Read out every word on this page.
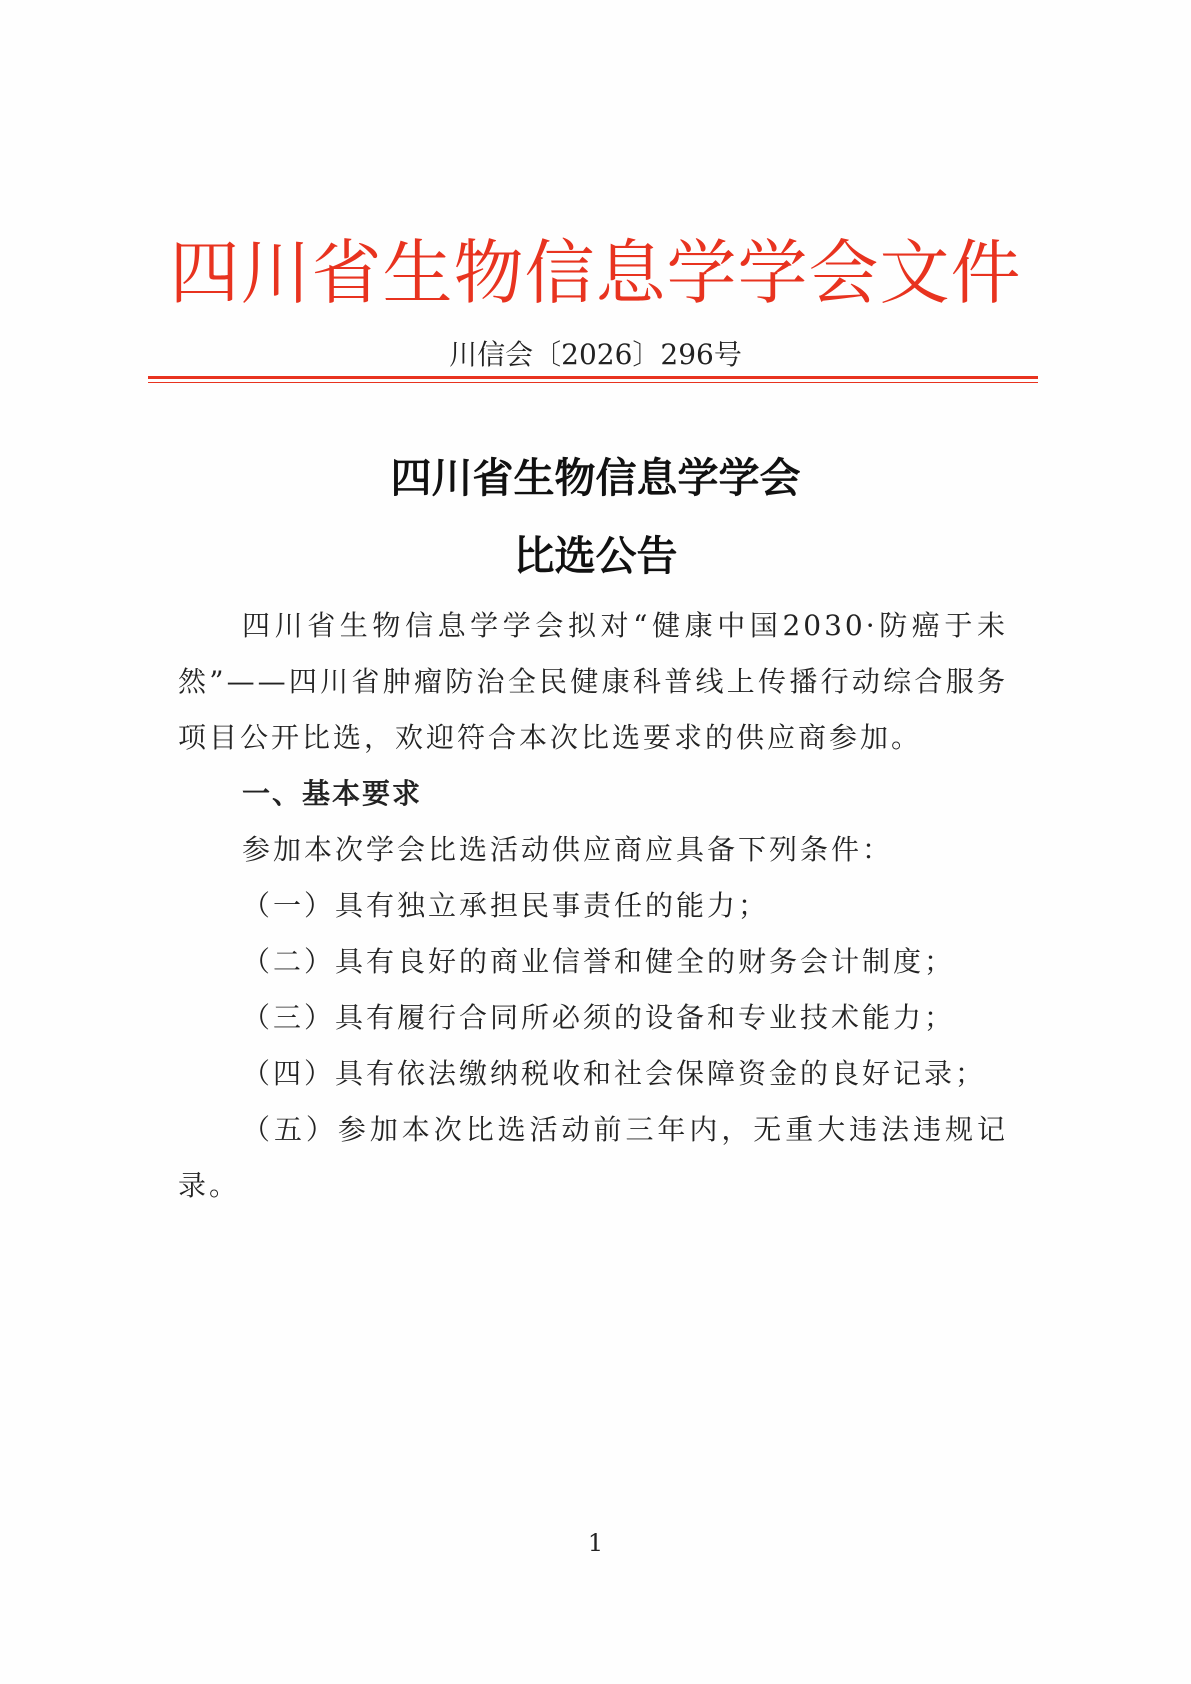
四川省生物信息学学会文件
川信会〔2026〕296号
四川省生物信息学学会
比选公告

四川省生物信息学学会拟对“健康中国2030·防癌于未然”——四川省肿瘤防治全民健康科普线上传播行动综合服务项目公开比选，欢迎符合本次比选要求的供应商参加。

一、基本要求

参加本次学会比选活动供应商应具备下列条件：

（一）具有独立承担民事责任的能力；

（二）具有良好的商业信誉和健全的财务会计制度；

（三）具有履行合同所必须的设备和专业技术能力；

（四）具有依法缴纳税收和社会保障资金的良好记录；

（五）参加本次比选活动前三年内，无重大违法违规记录。

1
